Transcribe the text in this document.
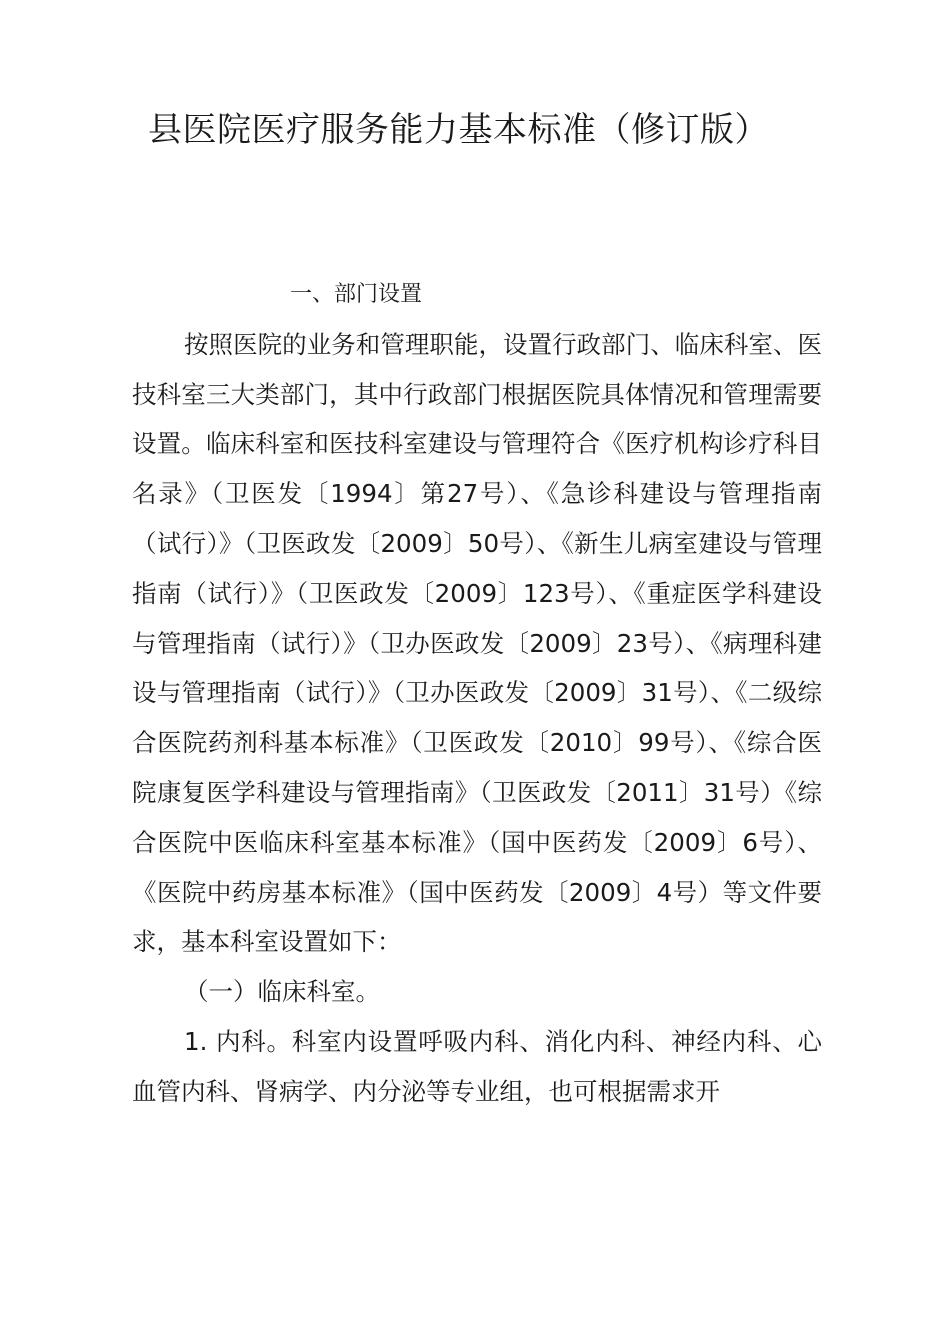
县医院医疗服务能力基本标准（修订版）
一、部门设置

按照医院的业务和管理职能，设置行政部门、临床科室、医技科室三大类部门，其中行政部门根据医院具体情况和管理需要设置。临床科室和医技科室建设与管理符合《医疗机构诊疗科目名录》（卫医发〔1994〕第27号）、《急诊科建设与管理指南（试行）》（卫医政发〔2009〕50号）、《新生儿病室建设与管理指南（试行）》（卫医政发〔2009〕123号）、《重症医学科建设与管理指南（试行）》（卫办医政发〔2009〕23号）、《病理科建设与管理指南（试行）》（卫办医政发〔2009〕31号）、《二级综合医院药剂科基本标准》（卫医政发〔2010〕99号）、《综合医院康复医学科建设与管理指南》（卫医政发〔2011〕31号）《综合医院中医临床科室基本标准》（国中医药发〔2009〕6号）、《医院中药房基本标准》（国中医药发〔2009〕4号）等文件要求，基本科室设置如下：

（一）临床科室。

1. 内科。科室内设置呼吸内科、消化内科、神经内科、心血管内科、肾病学、内分泌等专业组，也可根据需求开
